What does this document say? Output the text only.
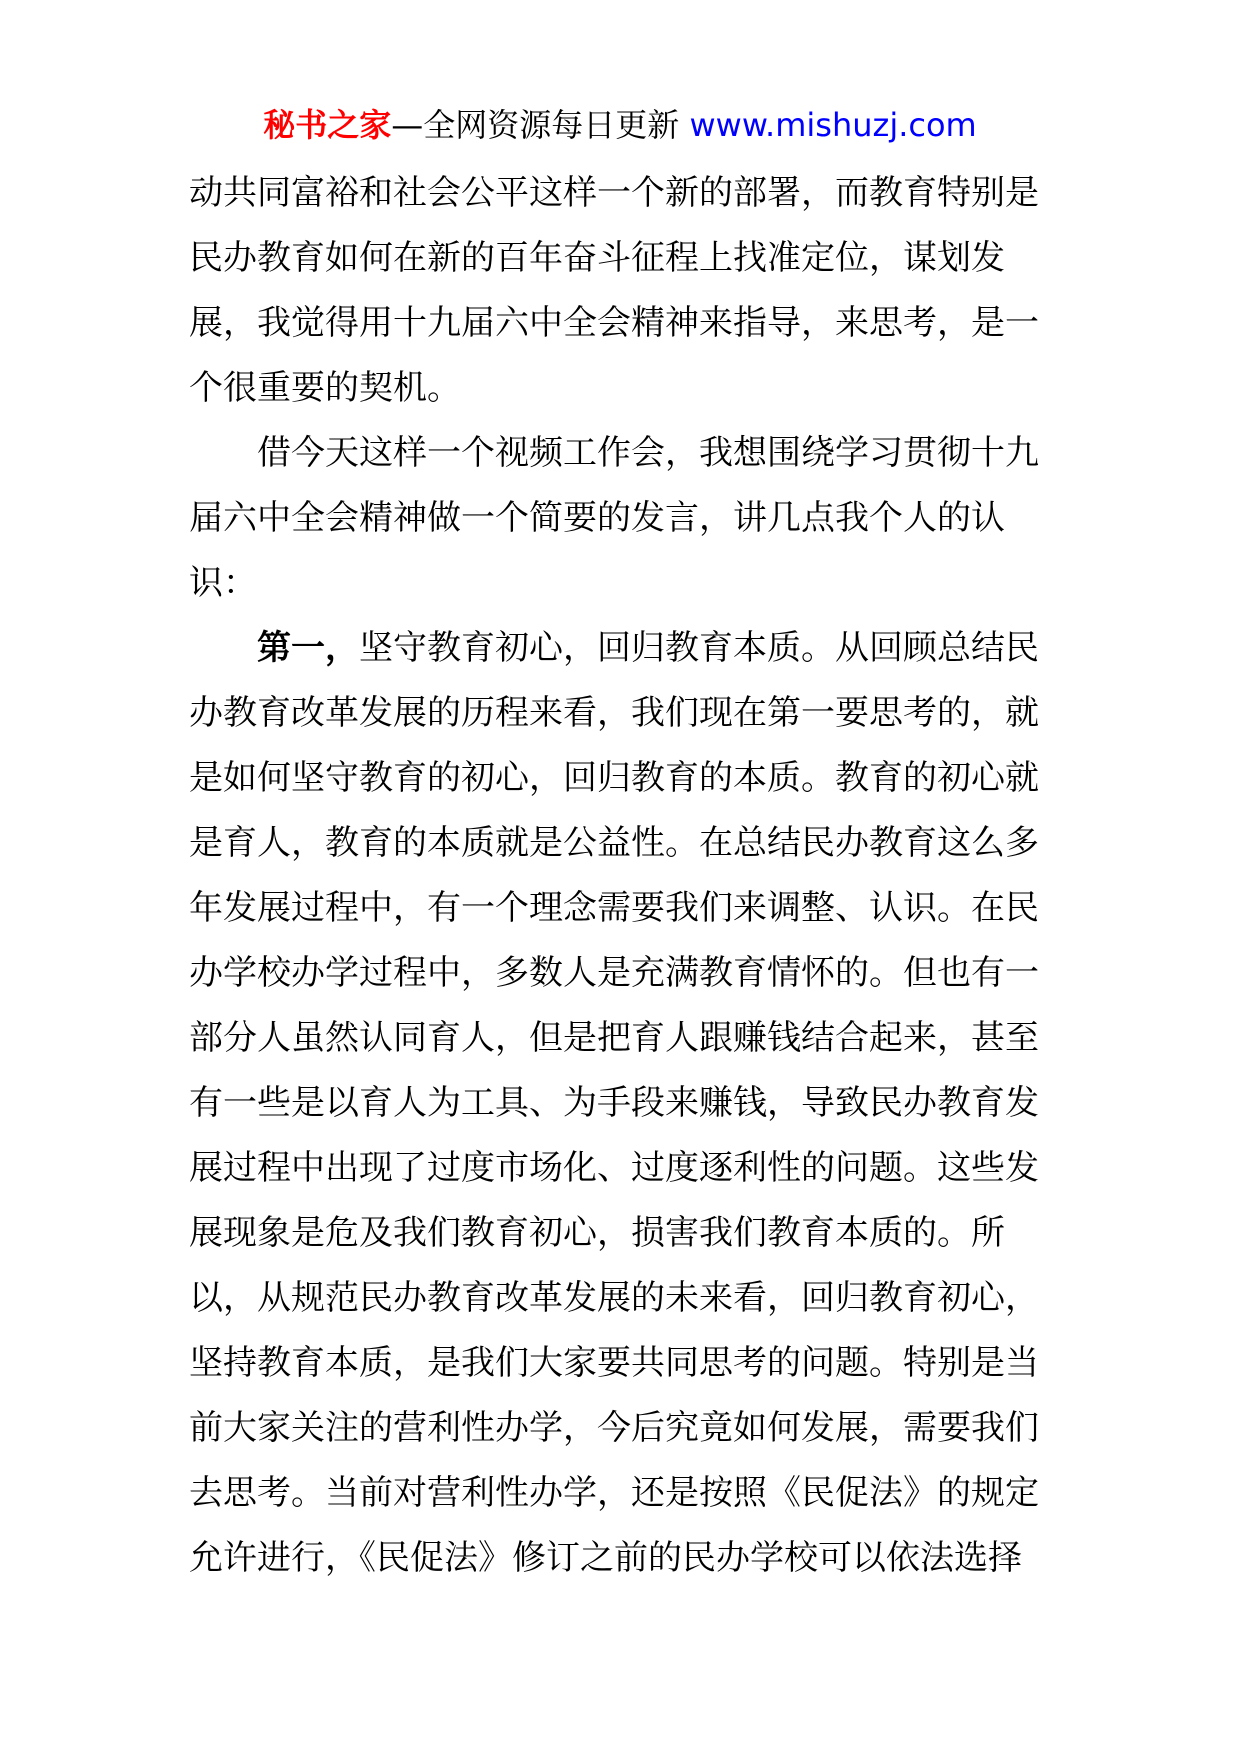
秘书之家—全网资源每日更新 www.mishuzj.com
动共同富裕和社会公平这样一个新的部署，而教育特别是
民办教育如何在新的百年奋斗征程上找准定位，谋划发
展，我觉得用十九届六中全会精神来指导，来思考，是一
个很重要的契机。
借今天这样一个视频工作会，我想围绕学习贯彻十九
届六中全会精神做一个简要的发言，讲几点我个人的认
识：
第一，坚守教育初心，回归教育本质。从回顾总结民
办教育改革发展的历程来看，我们现在第一要思考的，就
是如何坚守教育的初心，回归教育的本质。教育的初心就
是育人，教育的本质就是公益性。在总结民办教育这么多
年发展过程中，有一个理念需要我们来调整、认识。在民
办学校办学过程中，多数人是充满教育情怀的。但也有一
部分人虽然认同育人，但是把育人跟赚钱结合起来，甚至
有一些是以育人为工具、为手段来赚钱，导致民办教育发
展过程中出现了过度市场化、过度逐利性的问题。这些发
展现象是危及我们教育初心，损害我们教育本质的。所
以，从规范民办教育改革发展的未来看，回归教育初心，
坚持教育本质，是我们大家要共同思考的问题。特别是当
前大家关注的营利性办学，今后究竟如何发展，需要我们
去思考。当前对营利性办学，还是按照《民促法》的规定
允许进行，《民促法》修订之前的民办学校可以依法选择
